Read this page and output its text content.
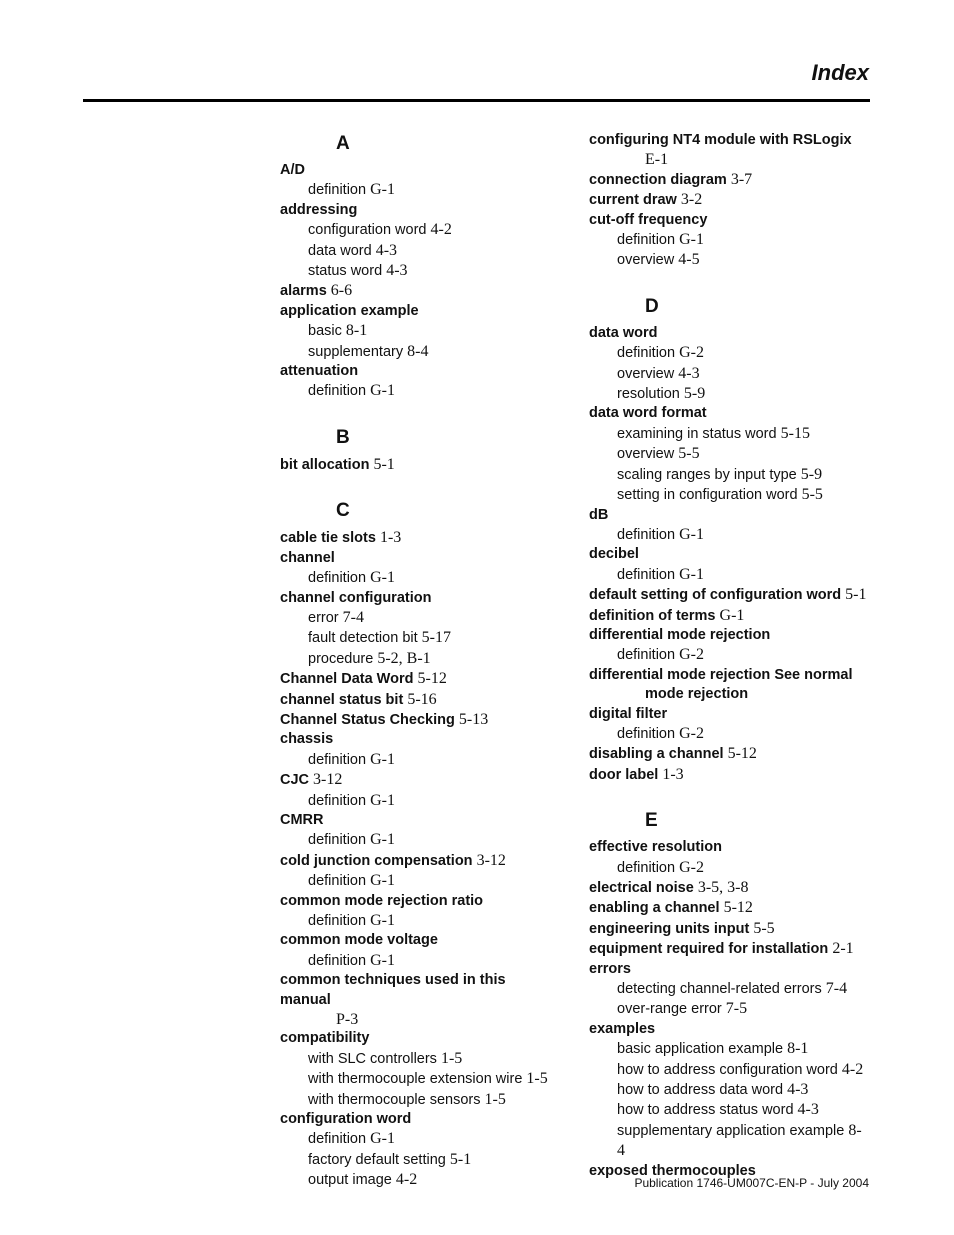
Index
A
A/D
definition G-1
addressing
configuration word 4-2
data word 4-3
status word 4-3
alarms 6-6
application example
basic 8-1
supplementary 8-4
attenuation
definition G-1
B
bit allocation 5-1
C
cable tie slots 1-3
channel
definition G-1
channel configuration
error 7-4
fault detection bit 5-17
procedure 5-2, B-1
Channel Data Word 5-12
channel status bit 5-16
Channel Status Checking 5-13
chassis
definition G-1
CJC 3-12
definition G-1
CMRR
definition G-1
cold junction compensation 3-12
definition G-1
common mode rejection ratio
definition G-1
common mode voltage
definition G-1
common techniques used in this manual
P-3
compatibility
with SLC controllers 1-5
with thermocouple extension wire 1-5
with thermocouple sensors 1-5
configuration word
definition G-1
factory default setting 5-1
output image 4-2
configuring NT4 module with RSLogix
E-1
connection diagram 3-7
current draw 3-2
cut-off frequency
definition G-1
overview 4-5
D
data word
definition G-2
overview 4-3
resolution 5-9
data word format
examining in status word 5-15
overview 5-5
scaling ranges by input type 5-9
setting in configuration word 5-5
dB
definition G-1
decibel
definition G-1
default setting of configuration word 5-1
definition of terms G-1
differential mode rejection
definition G-2
differential mode rejection See normal
mode rejection
digital filter
definition G-2
disabling a channel 5-12
door label 1-3
E
effective resolution
definition G-2
electrical noise 3-5, 3-8
enabling a channel 5-12
engineering units input 5-5
equipment required for installation 2-1
errors
detecting channel-related errors 7-4
over-range error 7-5
examples
basic application example 8-1
how to address configuration word 4-2
how to address data word 4-3
how to address status word 4-3
supplementary application example 8-4
exposed thermocouples
Publication 1746-UM007C-EN-P - July 2004
